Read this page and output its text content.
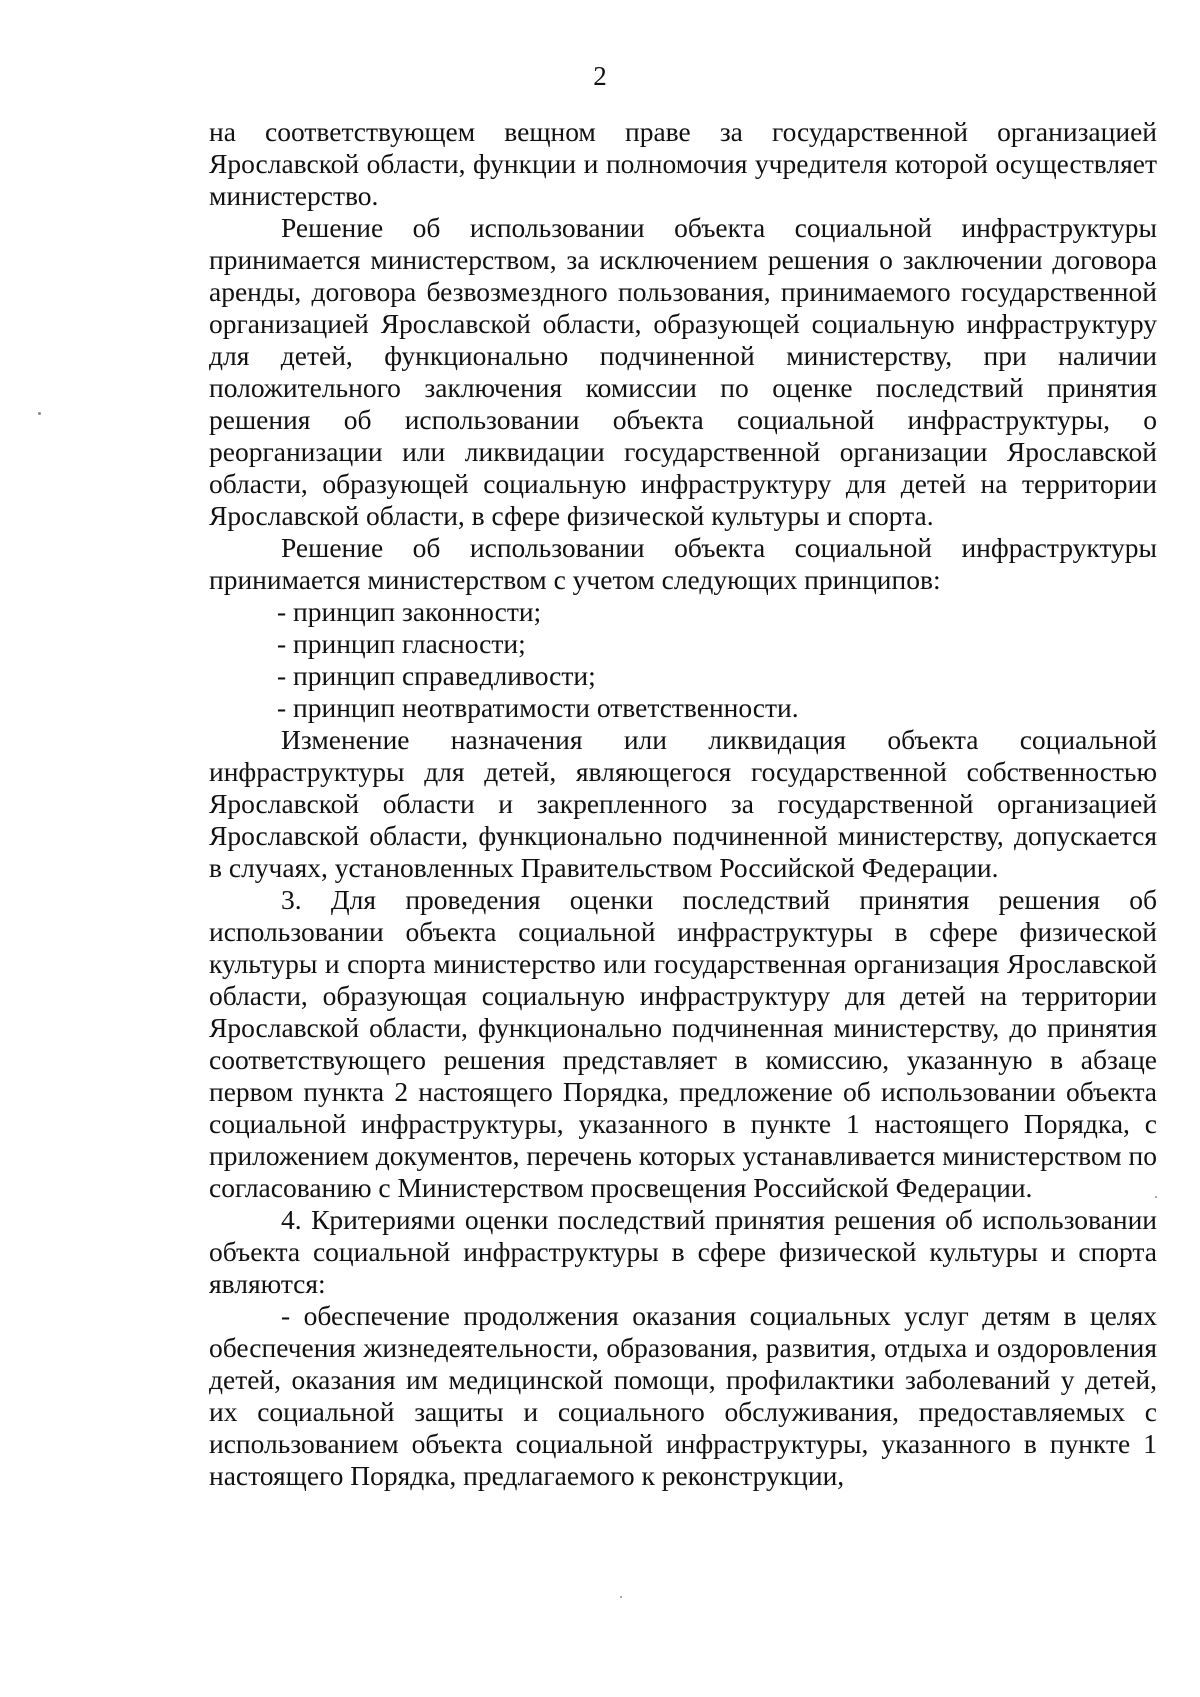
2

на соответствующем вещном праве за государственной организацией Ярославской области, функции и полномочия учредителя которой осуществляет министерство.

Решение об использовании объекта социальной инфраструктуры принимается министерством, за исключением решения о заключении договора аренды, договора безвозмездного пользования, принимаемого государственной организацией Ярославской области, образующей социальную инфраструктуру для детей, функционально подчиненной министерству, при наличии положительного заключения комиссии по оценке последствий принятия решения об использовании объекта социальной инфраструктуры, о реорганизации или ликвидации государственной организации Ярославской области, образующей социальную инфраструктуру для детей на территории Ярославской области, в сфере физической культуры и спорта.

Решение об использовании объекта социальной инфраструктуры принимается министерством с учетом следующих принципов:

- принцип законности;

- принцип гласности;

- принцип справедливости;

- принцип неотвратимости ответственности.

Изменение назначения или ликвидация объекта социальной инфраструктуры для детей, являющегося государственной собственностью Ярославской области и закрепленного за государственной организацией Ярославской области, функционально подчиненной министерству, допускается в случаях, установленных Правительством Российской Федерации.

3. Для проведения оценки последствий принятия решения об использовании объекта социальной инфраструктуры в сфере физической культуры и спорта министерство или государственная организация Ярославской области, образующая социальную инфраструктуру для детей на территории Ярославской области, функционально подчиненная министерству, до принятия соответствующего решения представляет в комиссию, указанную в абзаце первом пункта 2 настоящего Порядка, предложение об использовании объекта социальной инфраструктуры, указанного в пункте 1 настоящего Порядка, с приложением документов, перечень которых устанавливается министерством по согласованию с Министерством просвещения Российской Федерации.

4. Критериями оценки последствий принятия решения об использовании объекта социальной инфраструктуры в сфере физической культуры и спорта являются:

- обеспечение продолжения оказания социальных услуг детям в целях обеспечения жизнедеятельности, образования, развития, отдыха и оздоровления детей, оказания им медицинской помощи, профилактики заболеваний у детей, их социальной защиты и социального обслуживания, предоставляемых с использованием объекта социальной инфраструктуры, указанного в пункте 1 настоящего Порядка, предлагаемого к реконструкции,
